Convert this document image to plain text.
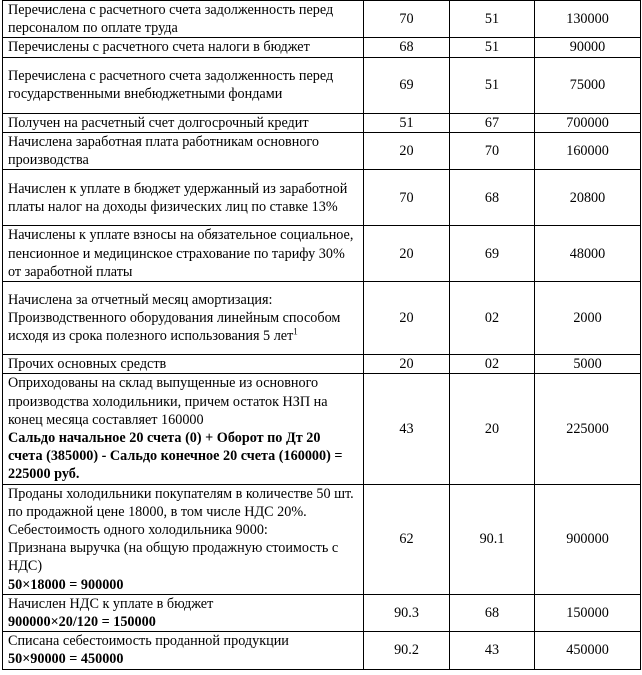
Перечислена с расчетного счета задолженность перед персоналом по оплате труда	70	51	130000
Перечислены с расчетного счета налоги в бюджет	68	51	90000
Перечислена с расчетного счета задолженность перед государственными внебюджетными фондами	69	51	75000
Получен на расчетный счет долгосрочный кредит	51	67	700000
Начислена заработная плата работникам основного производства	20	70	160000
Начислен к уплате в бюджет удержанный из заработной платы налог на доходы физических лиц по ставке 13%	70	68	20800
Начислены к уплате взносы на обязательное социальное, пенсионное и медицинское страхование по тарифу 30% от заработной платы	20	69	48000
Начислена за отчетный месяц амортизация: Производственного оборудования линейным способом исходя из срока полезного использования 5 лет$^1$	20	02	2000
Прочих основных средств	20	02	5000

Оприходованы на склад выпущенные из основного производства холодильники, причем остаток НЗП на конец месяца составляет 160000
Сальдо начальное 20 счета (0) + Оборот по Дт 20 счета (385000) - Сальдо конечное 20 счета (160000) = 225000 руб.	43	20	225000

Проданы холодильники покупателям в количестве 50 шт. по продажной цене 18000, в том числе НДС 20%. Себестоимость одного холодильника 9000:
Признана выручка (на общую продажную стоимость с НДС)
50×18000 = 900000	62	90.1	900000

Начислен НДС к уплате в бюджет
900000×20/120 = 150000	90.3	68	150000

Списана себестоимость проданной продукции
50×90000 = 450000	90.2	43	450000
